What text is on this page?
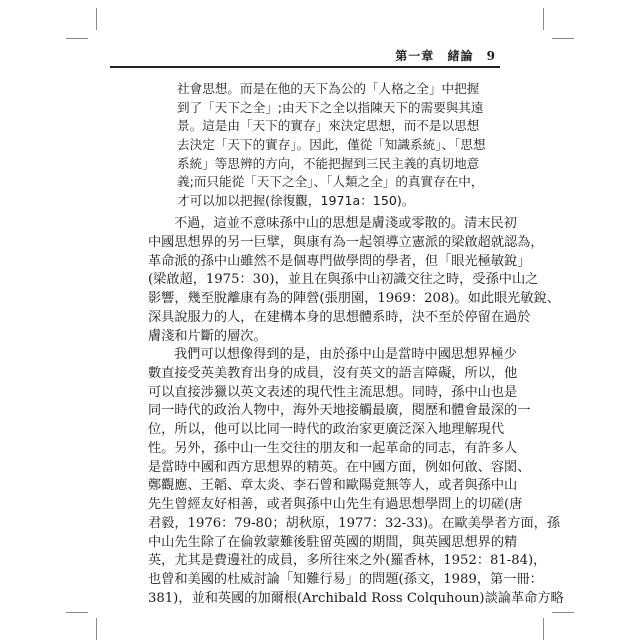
第一章 緒論 9
社會思想。而是在他的天下為公的「人格之全」中把握
到了「天下之全」;由天下之全以指陳天下的需要與其遠
景。這是由「天下的實存」來決定思想，而不是以思想
去決定「天下的實存」。因此，僅從「知識系統」、「思想
系統」等思辨的方向，不能把握到三民主義的真切地意
義;而只能從「天下之全」、「人類之全」的真實存在中，
才可以加以把握(徐復觀，1971a：150)。
不過，這並不意味孫中山的思想是膚淺或零散的。清末民初
中國思想界的另一巨擘，與康有為一起領導立憲派的梁啟超就認為，
革命派的孫中山雖然不是個專門做學問的學者，但「眼光極敏銳」
(梁啟超，1975：30)，並且在與孫中山初識交往之時，受孫中山之
影響，幾至脫離康有為的陣營(張朋園，1969：208)。如此眼光敏銳、
深具說服力的人，在建構本身的思想體系時，決不至於停留在過於
膚淺和片斷的層次。
我們可以想像得到的是，由於孫中山是當時中國思想界極少
數直接受英美教育出身的成員，沒有英文的語言障礙，所以，他
可以直接涉獵以英文表述的現代性主流思想。同時，孫中山也是
同一時代的政治人物中，海外天地接觸最廣，閱歷和體會最深的一
位，所以，他可以比同一時代的政治家更廣泛深入地理解現代
性。另外，孫中山一生交往的朋友和一起革命的同志，有許多人
是當時中國和西方思想界的精英。在中國方面，例如何啟、容閎、
鄭觀應、王韜、章太炎、李石曾和歐陽竟無等人，或者與孫中山
先生曾經友好相善，或者與孫中山先生有過思想學問上的切磋(唐
君毅，1976：79-80；胡秋原，1977：32-33)。在歐美學者方面，孫
中山先生除了在倫敦蒙難後駐留英國的期間，與英國思想界的精
英，尤其是費邊社的成員，多所往來之外(羅香林，1952：81-84)，
也曾和美國的杜威討論「知難行易」的問題(孫文，1989，第一冊：
381)，並和英國的加爾根(Archibald Ross Colquhoun)談論革命方略
